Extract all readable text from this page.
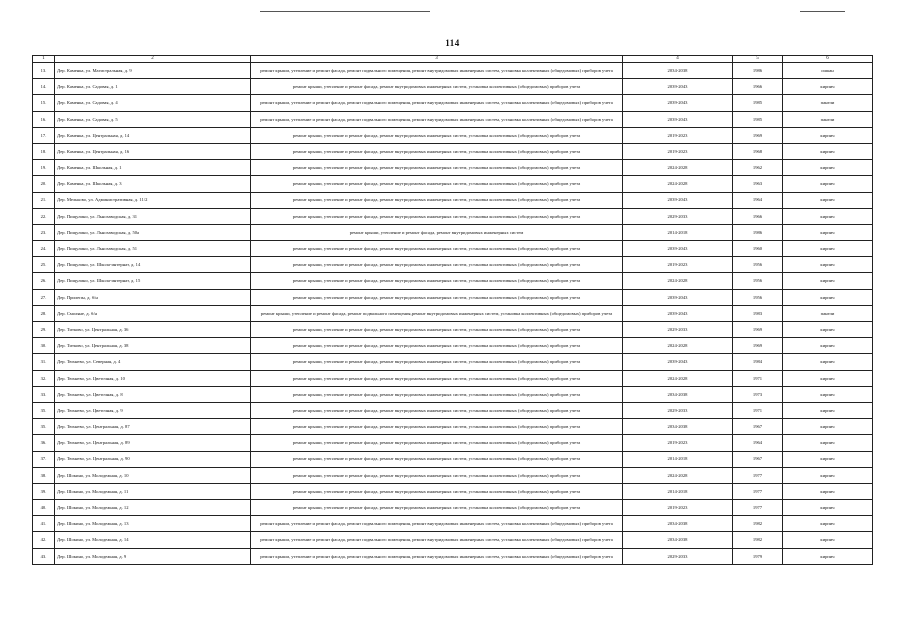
114
1	2	3	4	5	6
13.	Дер. Каменка, ул. Магистральная, д. 9	ремонт крыши, утепление и ремонт фасада, ремонт подвального помещения, ремонт внутридомовых инженерных систем, установка коллективных (общедомовых) приборов учета	2034-2038	1986	ошкан
14.	Дер. Каменка, ул. Садовая, д. 1	ремонт крыши, утепление и ремонт фасада, ремонт внутридомовых инженерных систем, установка коллективных (общедомовых) приборов учета	2039-2043	1966	кирпич
15.	Дер. Каменка, ул. Садовая, д. 4	ремонт крыши, утепление и ремонт фасада, ремонт подвального помещения, ремонт внутридомовых инженерных систем, установка коллективных (общедомовых) приборов учета	2039-2043	1985	панели
16.	Дер. Каменка, ул. Садовая, д. 5	ремонт крыши, утепление и ремонт фасада, ремонт подвального помещения, ремонт внутридомовых инженерных систем, установка коллективных (общедомовых) приборов учета	2039-2043	1985	панели
17.	Дер. Каменка, ул. Центральная, д. 14	ремонт крыши, утепление и ремонт фасада, ремонт внутридомовых инженерных систем, установка коллективных (общедомовых) приборов учета	2019-2023	1969	кирпич
18.	Дер. Каменка, ул. Центральная, д. 16	ремонт крыши, утепление и ремонт фасада, ремонт внутридомовых инженерных систем, установка коллективных (общедомовых) приборов учета	2019-2023	1968	кирпич
19.	Дер. Каменка, ул. Школьная, д. 1	ремонт крыши, утепление и ремонт фасада, ремонт внутридомовых инженерных систем, установка коллективных (общедомовых) приборов учета	2024-2028	1962	кирпич
20.	Дер. Каменка, ул. Школьная, д. 3	ремонт крыши, утепление и ремонт фасада, ремонт внутридомовых инженерных систем, установка коллективных (общедомовых) приборов учета	2024-2028	1963	кирпич
21.	Дер. Мельково, ул. Административная, д. 11/2	ремонт крыши, утепление и ремонт фасада, ремонт внутридомовых инженерных систем, установка коллективных (общедомовых) приборов учета	2039-2043	1964	кирпич
22.	Дер. Пищулино, ул. Льнозаводская, д. 31	ремонт крыши, утепление и ремонт фасада, ремонт внутридомовых инженерных систем, установка коллективных (общедомовых) приборов учета	2029-2033	1966	кирпич
23.	Дер. Пищулино, ул. Льнозаводская, д. 50а	ремонт крыши, утепление и ремонт фасада, ремонт внутридомовых инженерных систем	2014-2018	1986	кирпич
24.	Дер. Пищулино, ул. Льнозаводская, д. 51	ремонт крыши, утепление и ремонт фасада, ремонт внутридомовых инженерных систем, установка коллективных (общедомовых) приборов учета	2039-2043	1960	кирпич
25.	Дер. Пищулино, ул. Школа-интернат, д. 14	ремонт крыши, утепление и ремонт фасада, ремонт внутридомовых инженерных систем, установка коллективных (общедомовых) приборов учета	2019-2023	1956	кирпич
26.	Дер. Пищулино, ул. Школа-интернат, д. 15	ремонт крыши, утепление и ремонт фасада, ремонт внутридомовых инженерных систем, установка коллективных (общедомовых) приборов учета	2024-2028	1956	кирпич
27.	Дер. Прилепы, д. б/н	ремонт крыши, утепление и ремонт фасада, ремонт внутридомовых инженерных систем, установка коллективных (общедомовых) приборов учета	2039-2043	1956	кирпич
28.	Дер. Смоляне, д. б/н	ремонт крыши, утепление и ремонт фасада, ремонт подвального помещения,ремонт внутридомовых инженерных систем, установка коллективных (общедомовых) приборов учета	2039-2043	1983	панели
29.	Дер. Титково, ул. Центральная, д. 36	ремонт крыши, утепление и ремонт фасада, ремонт внутридомовых инженерных систем, установка коллективных (общедомовых) приборов учета	2029-2033	1969	кирпич
30.	Дер. Титково, ул. Центральная, д. 38	ремонт крыши, утепление и ремонт фасада, ремонт внутридомовых инженерных систем, установка коллективных (общедомовых) приборов учета	2024-2028	1969	кирпич
31.	Дер. Тюхнево, ул. Северная, д. 4	ремонт крыши, утепление и ремонт фасада, ремонт внутридомовых инженерных систем, установка коллективных (общедомовых) приборов учета	2039-2043	1984	кирпич
32.	Дер. Тюхнево, ул. Цветочная, д. 10	ремонт крыши, утепление и ремонт фасада, ремонт внутридомовых инженерных систем, установка коллективных (общедомовых) приборов учета	2024-2028	1971	кирпич
33.	Дер. Тюхнево, ул. Цветочная, д. 8	ремонт крыши, утепление и ремонт фасада, ремонт внутридомовых инженерных систем, установка коллективных (общедомовых) приборов учета	2034-2038	1973	кирпич
35.	Дер. Тюхнево, ул. Цветочная, д. 9	ремонт крыши, утепление и ремонт фасада, ремонт внутридомовых инженерных систем, установка коллективных (общедомовых) приборов учета	2029-2033	1971	кирпич
35.	Дер. Тюхнево, ул. Центральная, д. 87	ремонт крыши, утепление и ремонт фасада, ремонт внутридомовых инженерных систем, установка коллективных (общедомовых) приборов учета	2034-2038	1967	кирпич
36.	Дер. Тюхнево, ул. Центральная, д. 89	ремонт крыши, утепление и ремонт фасада, ремонт внутридомовых инженерных систем, установка коллективных (общедомовых) приборов учета	2019-2023	1964	кирпич
37.	Дер. Тюхнево, ул. Центральная, д. 90	ремонт крыши, утепление и ремонт фасада, ремонт внутридомовых инженерных систем, установка коллективных (общедомовых) приборов учета	2014-2018	1967	кирпич
38.	Дер. Шокино, ул. Молодежная, д. 10	ремонт крыши, утепление и ремонт фасада, ремонт внутридомовых инженерных систем, установка коллективных (общедомовых) приборов учета	2024-2028	1977	кирпич
39.	Дер. Шокино, ул. Молодежная, д. 11	ремонт крыши, утепление и ремонт фасада, ремонт внутридомовых инженерных систем, установка коллективных (общедомовых) приборов учета	2014-2018	1977	кирпич
40.	Дер. Шокино, ул. Молодежная, д. 12	ремонт крыши, утепление и ремонт фасада, ремонт внутридомовых инженерных систем, установка коллективных (общедомовых) приборов учета	2019-2023	1977	кирпич
41.	Дер. Шокино, ул. Молодежная, д. 13	ремонт крыши, утепление и ремонт фасада, ремонт подвального помещения, ремонт внутридомовых инженерных систем, установка коллективных (общедомовых) приборов учета	2034-2038	1982	кирпич
42.	Дер. Шокино, ул. Молодежная, д. 14	ремонт крыши, утепление и ремонт фасада, ремонт подвального помещения, ремонт внутридомовых инженерных систем, установка коллективных (общедомовых) приборов учета	2034-2038	1982	кирпич
43.	Дер. Шокино, ул. Молодежная, д. 9	ремонт крыши, утепление и ремонт фасада, ремонт подвального помещения, ремонт внутридомовых инженерных систем, установка коллективных (общедомовых) приборов учета	2029-2033	1979	кирпич
